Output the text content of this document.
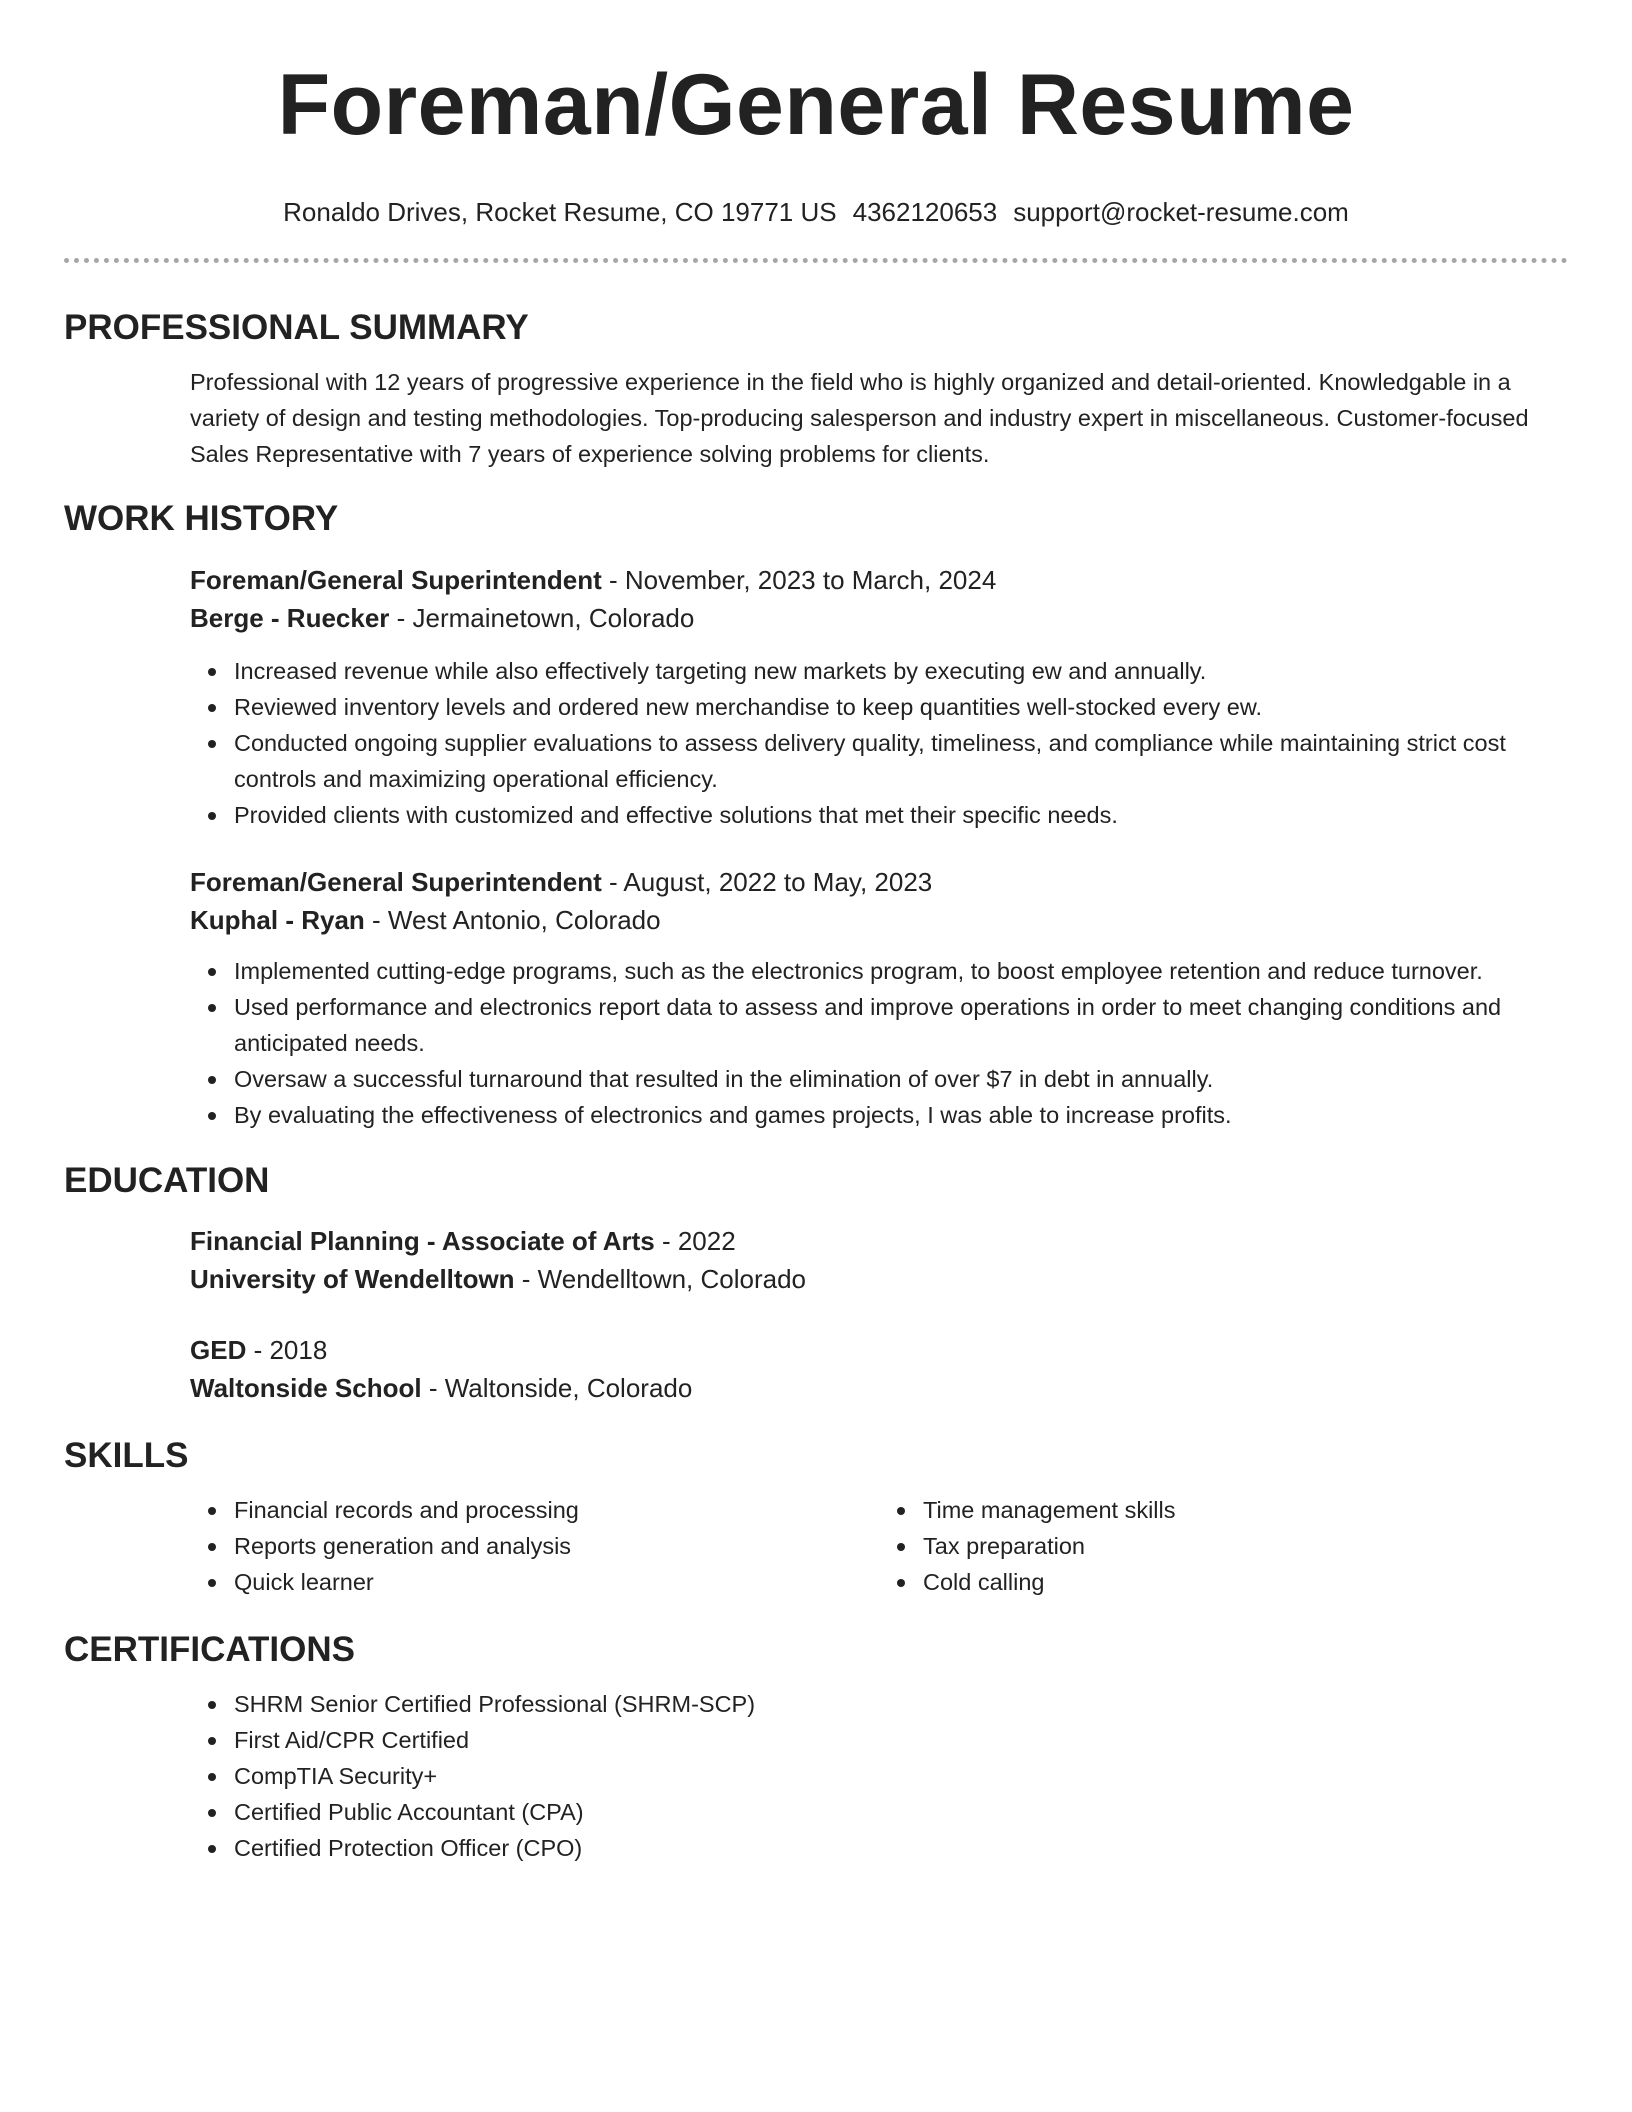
Foreman/General Resume
Ronaldo Drives, Rocket Resume, CO 19771 US 4362120653 support@rocket-resume.com
PROFESSIONAL SUMMARY

Professional with 12 years of progressive experience in the field who is highly organized and detail-oriented. Knowledgable in a variety of design and testing methodologies. Top-producing salesperson and industry expert in miscellaneous. Customer-focused Sales Representative with 7 years of experience solving problems for clients.

WORK HISTORY
Foreman/General Superintendent - November, 2023 to March, 2024
Berge - Ruecker - Jermainetown, Colorado
Increased revenue while also effectively targeting new markets by executing ew and annually.
Reviewed inventory levels and ordered new merchandise to keep quantities well-stocked every ew.
Conducted ongoing supplier evaluations to assess delivery quality, timeliness, and compliance while maintaining strict cost controls and maximizing operational efficiency.
Provided clients with customized and effective solutions that met their specific needs.
Foreman/General Superintendent - August, 2022 to May, 2023
Kuphal - Ryan - West Antonio, Colorado
Implemented cutting-edge programs, such as the electronics program, to boost employee retention and reduce turnover.
Used performance and electronics report data to assess and improve operations in order to meet changing conditions and anticipated needs.
Oversaw a successful turnaround that resulted in the elimination of over $7 in debt in annually.
By evaluating the effectiveness of electronics and games projects, I was able to increase profits.
EDUCATION
Financial Planning - Associate of Arts - 2022
University of Wendelltown - Wendelltown, Colorado
GED - 2018
Waltonside School - Waltonside, Colorado
SKILLS
Financial records and processing
Reports generation and analysis
Quick learner
Time management skills
Tax preparation
Cold calling
CERTIFICATIONS
SHRM Senior Certified Professional (SHRM-SCP)
First Aid/CPR Certified
CompTIA Security+
Certified Public Accountant (CPA)
Certified Protection Officer (CPO)
